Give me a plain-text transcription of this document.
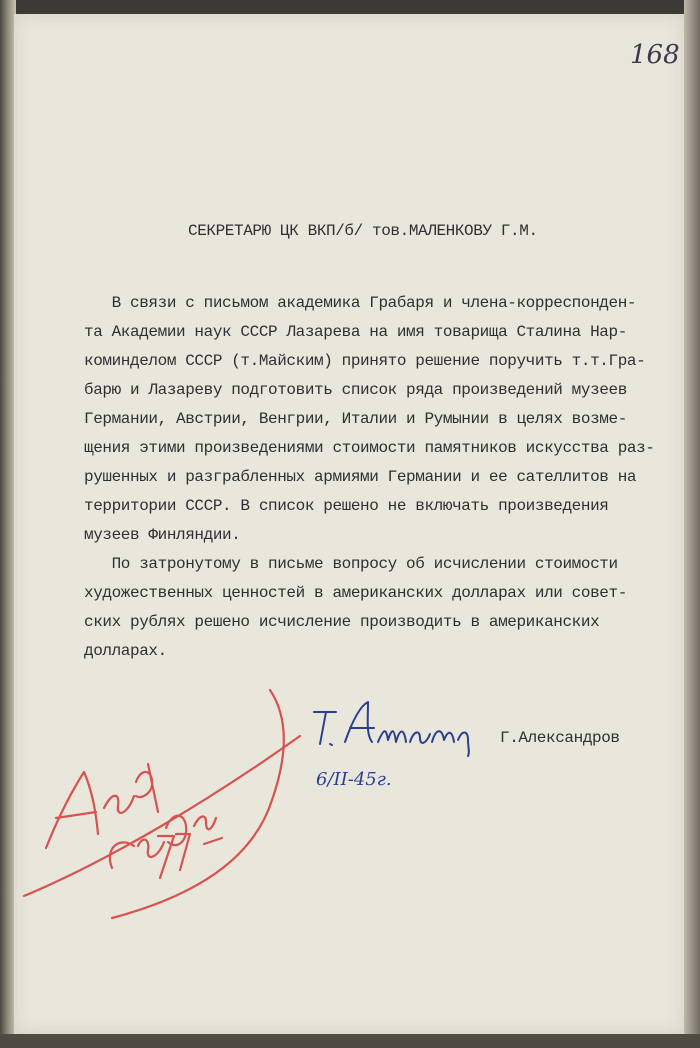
168

СЕКРЕТАРЮ ЦК ВКП/б/ тов.МАЛЕНКОВУ Г.М.

В связи с письмом академика Грабаря и члена-корреспонден-

та Академии наук СССР Лазарева на имя товарища Сталина Нар-

коминделом СССР (т.Майским) принято решение поручить т.т.Гра-

барю и Лазареву подготовить список ряда произведений музеев

Германии, Австрии, Венгрии, Италии и Румынии в целях возме-

щения этими произведениями стоимости памятников искусства раз-

рушенных и разграбленных армиями Германии и ее сателлитов на

территории СССР. В список решено не включать произведения

музеев Финляндии.

По затронутому в письме вопросу об исчислении стоимости

художественных ценностей в американских долларах или совет-

ских рублях решено исчисление производить в американских

долларах.

6/II-45г.

Г.Александров
